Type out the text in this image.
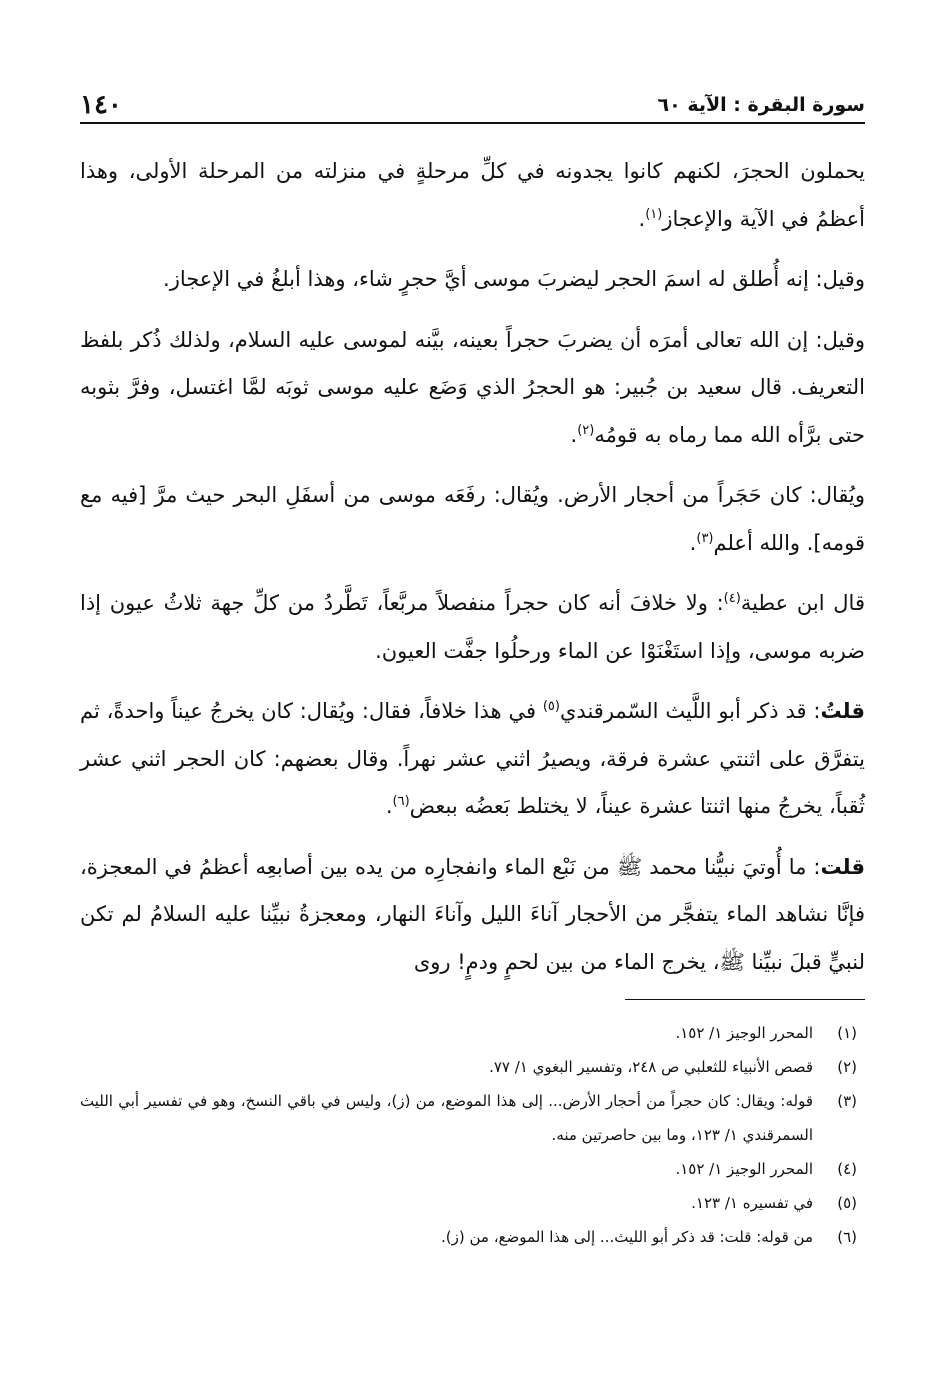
سورة البقرة : الآية ٦٠
١٤٠

يحملون الحجرَ، لكنهم كانوا يجدونه في كلِّ مرحلةٍ في منزلته من المرحلة الأولى، وهذا أعظمُ في الآية والإعجاز$^{(١)}$.

وقيل: إنه أُطلق له اسمَ الحجر ليضربَ موسى أيَّ حجرٍ شاء، وهذا أبلغُ في الإعجاز.

وقيل: إن الله تعالى أمرَه أن يضربَ حجراً بعينه، بيَّنه لموسى عليه السلام، ولذلك ذُكر بلفظ التعريف. قال سعيد بن جُبير: هو الحجرُ الذي وَضَع عليه موسى ثوبَه لمَّا اغتسل، وفرَّ بثوبه حتى برَّأه الله مما رماه به قومُه$^{(٢)}$.

ويُقال: كان حَجَراً من أحجار الأرض. ويُقال: رفَعَه موسى من أسفَلِ البحر حيث مرَّ [فيه مع قومه]. والله أعلم$^{(٣)}$.

قال ابن عطية$^{(٤)}$: ولا خلافَ أنه كان حجراً منفصلاً مربَّعاً، تَطَّردُ من كلِّ جهة ثلاثُ عيون إذا ضربه موسى، وإذا استَغْنَوْا عن الماء ورحلُوا جفَّت العيون.

قلتُ: قد ذكر أبو اللَّيث السّمرقندي$^{(٥)}$ في هذا خلافاً، فقال: ويُقال: كان يخرجُ عيناً واحدةً، ثم يتفرَّق على اثنتي عشرة فرقة، ويصيرُ اثني عشر نهراً. وقال بعضهم: كان الحجر اثني عشر ثُقباً، يخرجُ منها اثنتا عشرة عيناً، لا يختلط بَعضُه ببعض$^{(٦)}$.

قلت: ما أُوتيَ نبيُّنا محمد ﷺ من نَبْع الماء وانفجارِه من يده بين أصابعِه أعظمُ في المعجزة، فإنَّا نشاهد الماء يتفجَّر من الأحجار آناءَ الليل وآناءَ النهار، ومعجزةُ نبيِّنا عليه السلامُ لم تكن لنبيٍّ قبلَ نبيِّنا ﷺ، يخرج الماء من بين لحمٍ ودمٍ! روى

(١)
المحرر الوجيز ١/ ١٥٢.
(٢)
قصص الأنبياء للثعلبي ص ٢٤٨، وتفسير البغوي ١/ ٧٧.
(٣)
قوله: ويقال: كان حجراً من أحجار الأرض... إلى هذا الموضع، من (ز)، وليس في باقي النسخ، وهو في تفسير أبي الليث السمرقندي ١/ ١٢٣، وما بين حاصرتين منه.
(٤)
المحرر الوجيز ١/ ١٥٢.
(٥)
في تفسيره ١/ ١٢٣.
(٦)
من قوله: قلت: قد ذكر أبو الليث... إلى هذا الموضع، من (ز).
